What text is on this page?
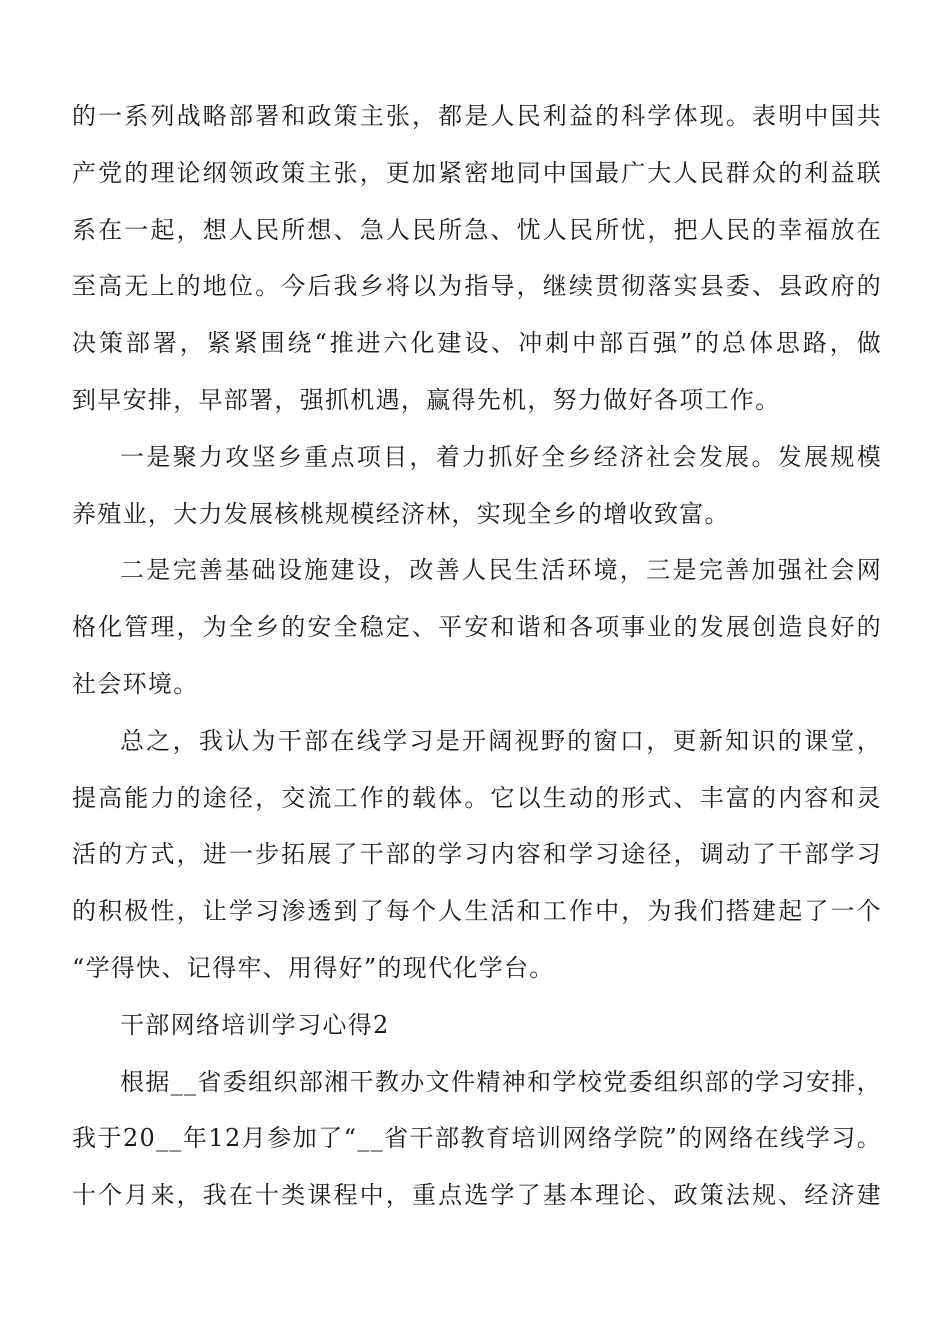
的一系列战略部署和政策主张，都是人民利益的科学体现。表明中国共
产党的理论纲领政策主张，更加紧密地同中国最广大人民群众的利益联
系在一起，想人民所想、急人民所急、忧人民所忧，把人民的幸福放在
至高无上的地位。今后我乡将以为指导，继续贯彻落实县委、县政府的
决策部署，紧紧围绕“推进六化建设、冲刺中部百强”的总体思路，做
到早安排，早部署，强抓机遇，赢得先机，努力做好各项工作。
一是聚力攻坚乡重点项目，着力抓好全乡经济社会发展。发展规模
养殖业，大力发展核桃规模经济林，实现全乡的增收致富。
二是完善基础设施建设，改善人民生活环境，三是完善加强社会网
格化管理，为全乡的安全稳定、平安和谐和各项事业的发展创造良好的
社会环境。
总之，我认为干部在线学习是开阔视野的窗口，更新知识的课堂，
提高能力的途径，交流工作的载体。它以生动的形式、丰富的内容和灵
活的方式，进一步拓展了干部的学习内容和学习途径，调动了干部学习
的积极性，让学习渗透到了每个人生活和工作中，为我们搭建起了一个
“学得快、记得牢、用得好”的现代化学台。

干部网络培训学习心得2

根据__省委组织部湘干教办文件精神和学校党委组织部的学习安排，
我于20__年12月参加了“__省干部教育培训网络学院”的网络在线学习。
十个月来，我在十类课程中，重点选学了基本理论、政策法规、经济建
